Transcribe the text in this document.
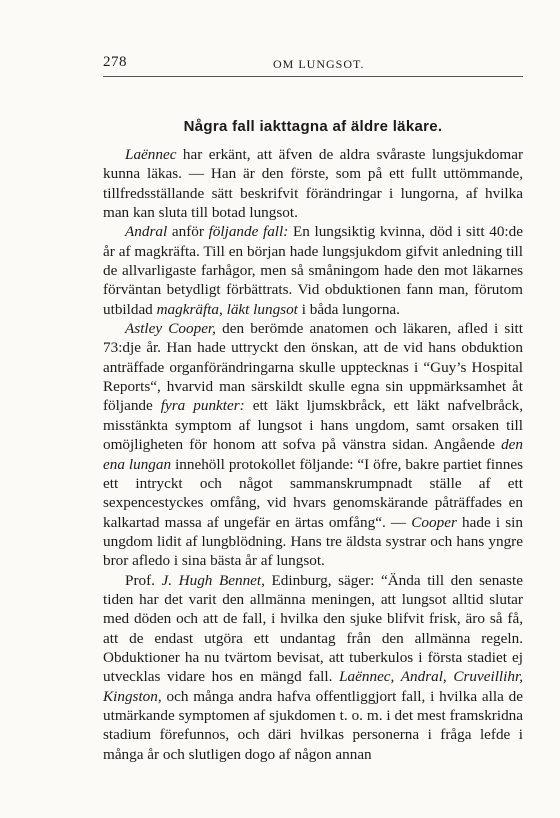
278	OM LUNGSOT.
Några fall iakttagna af äldre läkare.

Laënnec har erkänt, att äfven de aldra svåraste lungsjukdomar kunna läkas. — Han är den förste, som på ett fullt uttömmande, tillfredsställande sätt beskrifvit förändringar i lungorna, af hvilka man kan sluta till botad lungsot.

Andral anför följande fall: En lungsiktig kvinna, död i sitt 40:de år af magkräfta. Till en början hade lungsjukdom gifvit anledning till de allvarligaste farhågor, men så småningom hade den mot läkarnes förväntan betydligt förbättrats. Vid obduktionen fann man, förutom utbildad magkräfta, läkt lungsot i båda lungorna.

Astley Cooper, den berömde anatomen och läkaren, afled i sitt 73:dje år. Han hade uttryckt den önskan, att de vid hans obduktion anträffade organförändringarna skulle upptecknas i “Guy’s Hospital Reports“, hvarvid man särskildt skulle egna sin uppmärksamhet åt följande fyra punkter: ett läkt ljumskbråck, ett läkt nafvelbråck, misstänkta symptom af lungsot i hans ungdom, samt orsaken till omöjligheten för honom att sofva på vänstra sidan. Angående den ena lungan innehöll protokollet följande: “I öfre, bakre partiet finnes ett intryckt och något sammanskrumpnadt ställe af ett sexpencestyckes omfång, vid hvars genomskärande påträffades en kalkartad massa af ungefär en ärtas omfång“. — Cooper hade i sin ungdom lidit af lungblödning. Hans tre äldsta systrar och hans yngre bror afledo i sina bästa år af lungsot.

Prof. J. Hugh Bennet, Edinburg, säger: “Ända till den senaste tiden har det varit den allmänna meningen, att lungsot alltid slutar med döden och att de fall, i hvilka den sjuke blifvit frisk, äro så få, att de endast utgöra ett undantag från den allmänna regeln. Obduktioner ha nu tvärtom bevisat, att tuberkulos i första stadiet ej utvecklas vidare hos en mängd fall. Laënnec, Andral, Cruveillihr, Kingston, och många andra hafva offentliggjort fall, i hvilka alla de utmärkande symptomen af sjukdomen t. o. m. i det mest framskridna stadium förefunnos, och däri hvilkas personerna i fråga lefde i många år och slutligen dogo af någon annan
